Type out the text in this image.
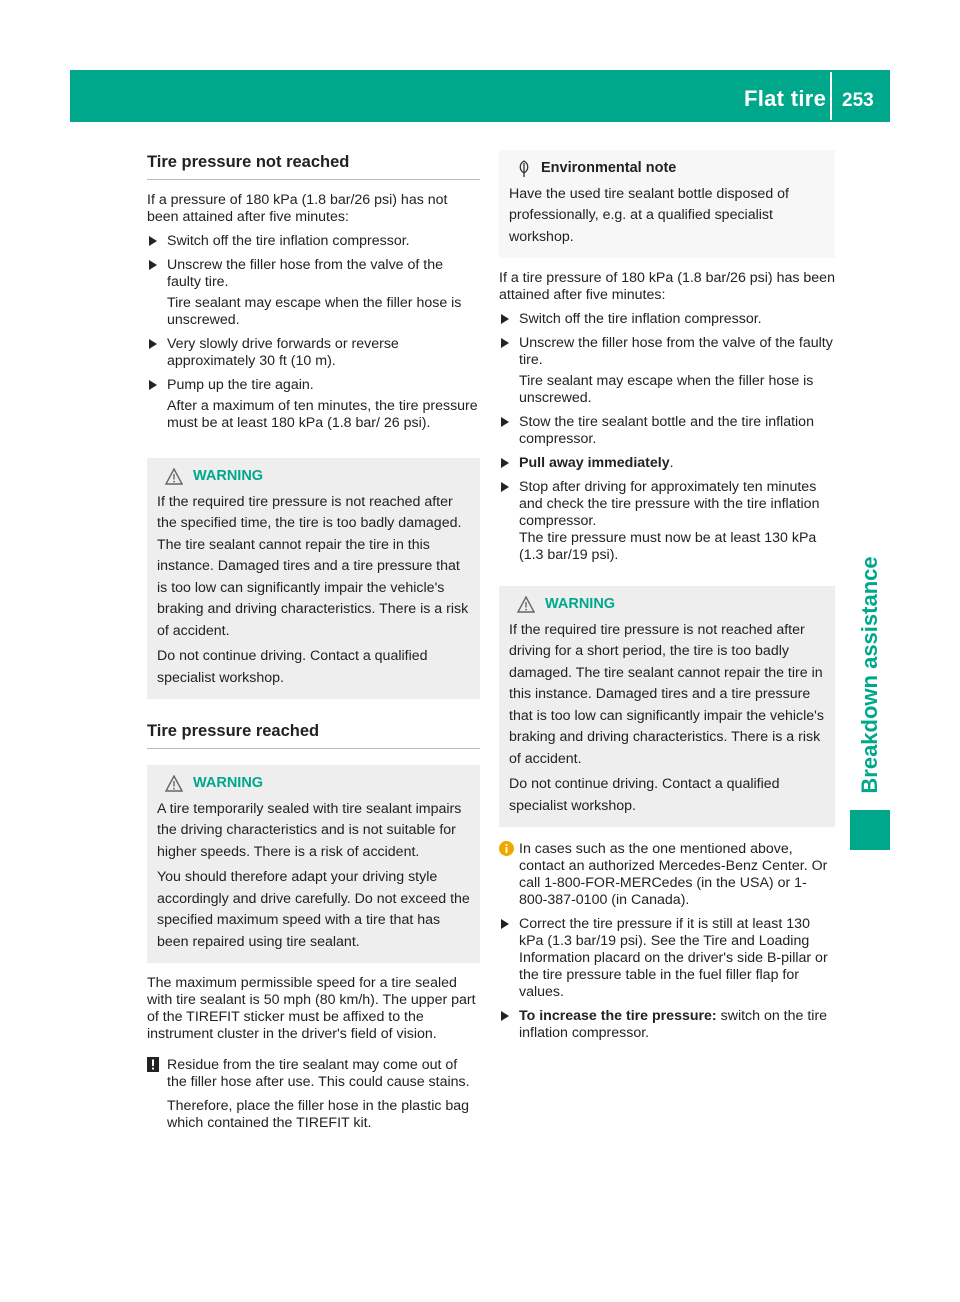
Flat tire 253
Breakdown assistance
Tire pressure not reached

If a pressure of 180 kPa (1.8 bar/26 psi) has not been attained after five minutes:

Switch off the tire inflation compressor.
Unscrew the filler hose from the valve of the faulty tire.
Tire sealant may escape when the filler hose is unscrewed.
Very slowly drive forwards or reverse approximately 30 ft (10 m).
Pump up the tire again.
After a maximum of ten minutes, the tire pressure must be at least 180 kPa (1.8 bar/ 26 psi).
WARNING
If the required tire pressure is not reached after the specified time, the tire is too badly damaged. The tire sealant cannot repair the tire in this instance. Damaged tires and a tire pressure that is too low can significantly impair the vehicle's braking and driving characteristics. There is a risk of accident.
Do not continue driving. Contact a qualified specialist workshop.
Tire pressure reached
WARNING
A tire temporarily sealed with tire sealant impairs the driving characteristics and is not suitable for higher speeds. There is a risk of accident.
You should therefore adapt your driving style accordingly and drive carefully. Do not exceed the specified maximum speed with a tire that has been repaired using tire sealant.

The maximum permissible speed for a tire sealed with tire sealant is 50 mph (80 km/h). The upper part of the TIREFIT sticker must be affixed to the instrument cluster in the driver's field of vision.

Residue from the tire sealant may come out of the filler hose after use. This could cause stains.
Therefore, place the filler hose in the plastic bag which contained the TIREFIT kit.
Environmental note
Have the used tire sealant bottle disposed of professionally, e.g. at a qualified specialist workshop.

If a tire pressure of 180 kPa (1.8 bar/26 psi) has been attained after five minutes:

Switch off the tire inflation compressor.
Unscrew the filler hose from the valve of the faulty tire.
Tire sealant may escape when the filler hose is unscrewed.
Stow the tire sealant bottle and the tire inflation compressor.
Pull away immediately.
Stop after driving for approximately ten minutes and check the tire pressure with the tire inflation compressor.
The tire pressure must now be at least 130 kPa (1.3 bar/19 psi).
WARNING
If the required tire pressure is not reached after driving for a short period, the tire is too badly damaged. The tire sealant cannot repair the tire in this instance. Damaged tires and a tire pressure that is too low can significantly impair the vehicle's braking and driving characteristics. There is a risk of accident.
Do not continue driving. Contact a qualified specialist workshop.
In cases such as the one mentioned above, contact an authorized Mercedes-Benz Center. Or call 1-800-FOR-MERCedes (in the USA) or 1-800-387-0100 (in Canada).
Correct the tire pressure if it is still at least 130 kPa (1.3 bar/19 psi). See the Tire and Loading Information placard on the driver's side B-pillar or the tire pressure table in the fuel filler flap for values.
To increase the tire pressure: switch on the tire inflation compressor.
